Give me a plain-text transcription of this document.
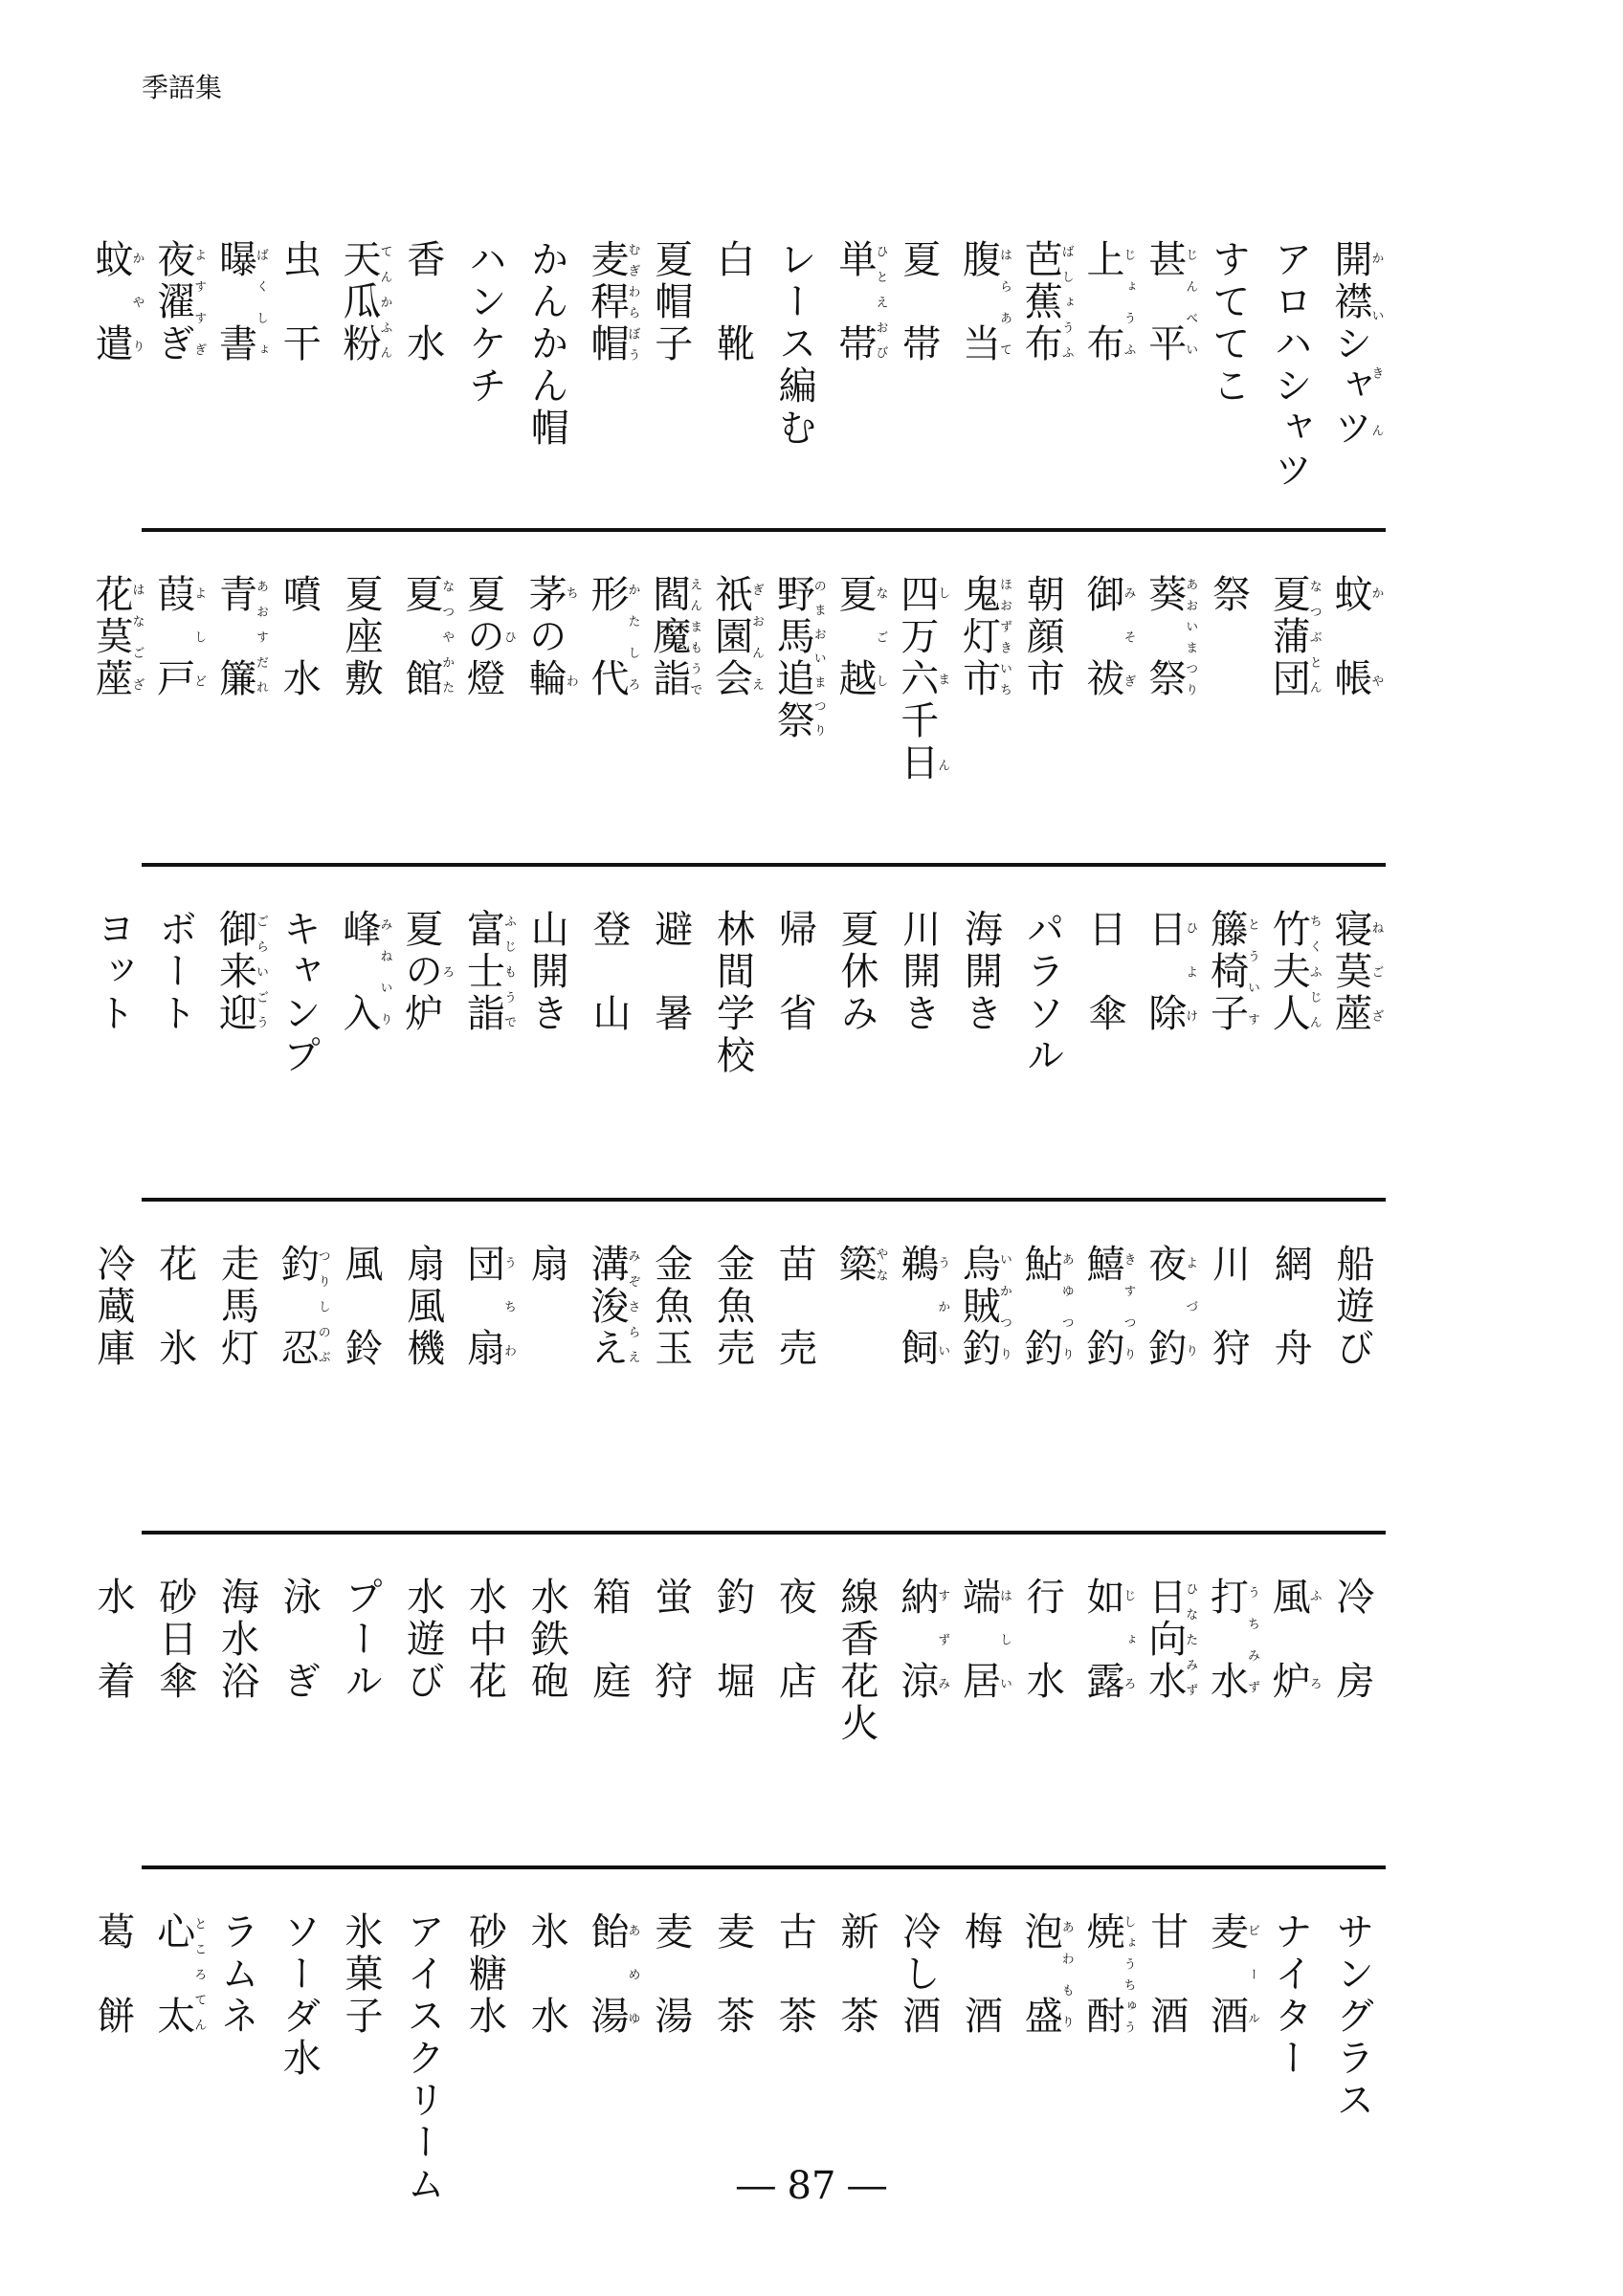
季語集
開襟シャツかいきん
アロハシャツ
すててこ
甚　平じんべい
上　布じょうふ
芭蕉布ばしょうふ
腹　当はらあて
夏　帯
単　帯ひとえおび
レース編む
白　靴
夏帽子
麦稈帽むぎわらぼう
かんかん帽
ハンケチ
香　水
天瓜粉てんかふん
虫　干
曝　書ばくしょ
夜濯ぎよすすぎ
蚊　遣かやり
蚊　帳かや
夏蒲団なつぶとん
祭
葵　祭あおいまつり
御　祓みそぎ
朝顔市
鬼灯市ほおずきいち
四万六千日しまん
夏　越なごし
野馬追祭のまおいまつり
祇園会ぎおんえ
閻魔詣えんまもうで
形　代かたしろ
茅の輪ちわ
夏の燈ひ
夏　館なつやかた
夏座敷
噴　水
青　簾あおすだれ
葭　戸よしど
花茣蓙はなござ
寝茣蓙ねござ
竹夫人ちくふじん
籐椅子とういす
日　除ひよけ
日　傘
パラソル
海開き
川開き
夏休み
帰　省
林間学校
避　暑
登　山
山開き
富士詣ふじもうで
夏の炉ろ
峰　入みねいり
キャンプ
御来迎ごらいごう
ボート
ヨット
船遊び
網　舟
川　狩
夜　釣よづり
鱚　釣きすつり
鮎　釣あゆつり
烏賊釣いかつり
鵜　飼うかい
簗やな
苗　売
金魚売
金魚玉
溝浚えみぞさらえ
扇
団　扇うちわ
扇風機
風　鈴
釣　忍つりしのぶ
走馬灯
花　氷
冷蔵庫
冷　房
風　炉ふろ
打　水うちみず
日向水ひなたみず
如　露じょろ
行　水
端　居はしい
納　涼すずみ
線香花火
夜　店
釣　堀
蛍　狩
箱　庭
水鉄砲
水中花
水遊び
プール
泳　ぎ
海水浴
砂日傘
水　着
サングラス
ナイター
麦　酒ビール
甘　酒
焼　酎しょうちゅう
泡　盛あわもり
梅　酒
冷し酒
新　茶
古　茶
麦　茶
麦　湯
飴　湯あめゆ
氷　水
砂糖水
アイスクリーム
氷菓子
ソーダ水
ラムネ
心　太ところてん
葛　餅
― 87 ―
